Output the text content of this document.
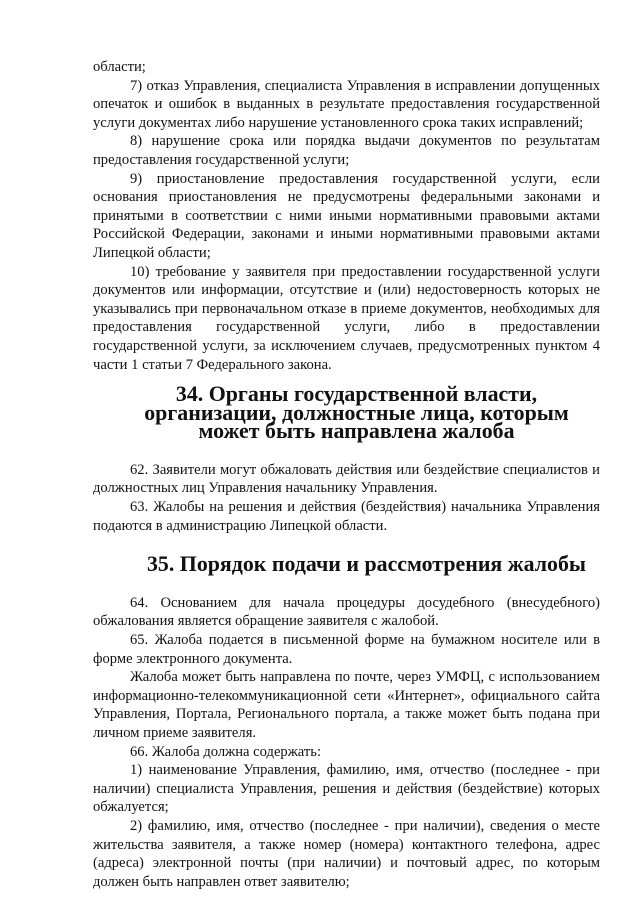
области;

7) отказ Управления, специалиста Управления в исправлении допущенных опечаток и ошибок в выданных в результате предоставления государственной услуги документах либо нарушение установленного срока таких исправлений;

8) нарушение срока или порядка выдачи документов по результатам предоставления государственной услуги;

9) приостановление предоставления государственной услуги, если основания приостановления не предусмотрены федеральными законами и принятыми в соответствии с ними иными нормативными правовыми актами Российской Федерации, законами и иными нормативными правовыми актами Липецкой области;

10) требование у заявителя при предоставлении государственной услуги документов или информации, отсутствие и (или) недостоверность которых не указывались при первоначальном отказе в приеме документов, необходимых для предоставления государственной услуги, либо в предоставлении государственной услуги, за исключением случаев, предусмотренных пунктом 4 части 1 статьи 7 Федерального закона.

34. Органы государственной власти, организации, должностные лица, которым может быть направлена жалоба

62. Заявители могут обжаловать действия или бездействие специалистов и должностных лиц Управления начальнику Управления.

63. Жалобы на решения и действия (бездействия) начальника Управления подаются в администрацию Липецкой области.

35. Порядок подачи и рассмотрения жалобы

64. Основанием для начала процедуры досудебного (внесудебного) обжалования является обращение заявителя с жалобой.

65. Жалоба подается в письменной форме на бумажном носителе или в форме электронного документа.

Жалоба может быть направлена по почте, через УМФЦ, с использованием информационно-телекоммуникационной сети «Интернет», официального сайта Управления, Портала, Регионального портала, а также может быть подана при личном приеме заявителя.

66. Жалоба должна содержать:

1) наименование Управления, фамилию, имя, отчество (последнее - при наличии) специалиста Управления, решения и действия (бездействие) которых обжалуется;

2) фамилию, имя, отчество (последнее - при наличии), сведения о месте жительства заявителя, а также номер (номера) контактного телефона, адрес (адреса) электронной почты (при наличии) и почтовый адрес, по которым должен быть направлен ответ заявителю;
